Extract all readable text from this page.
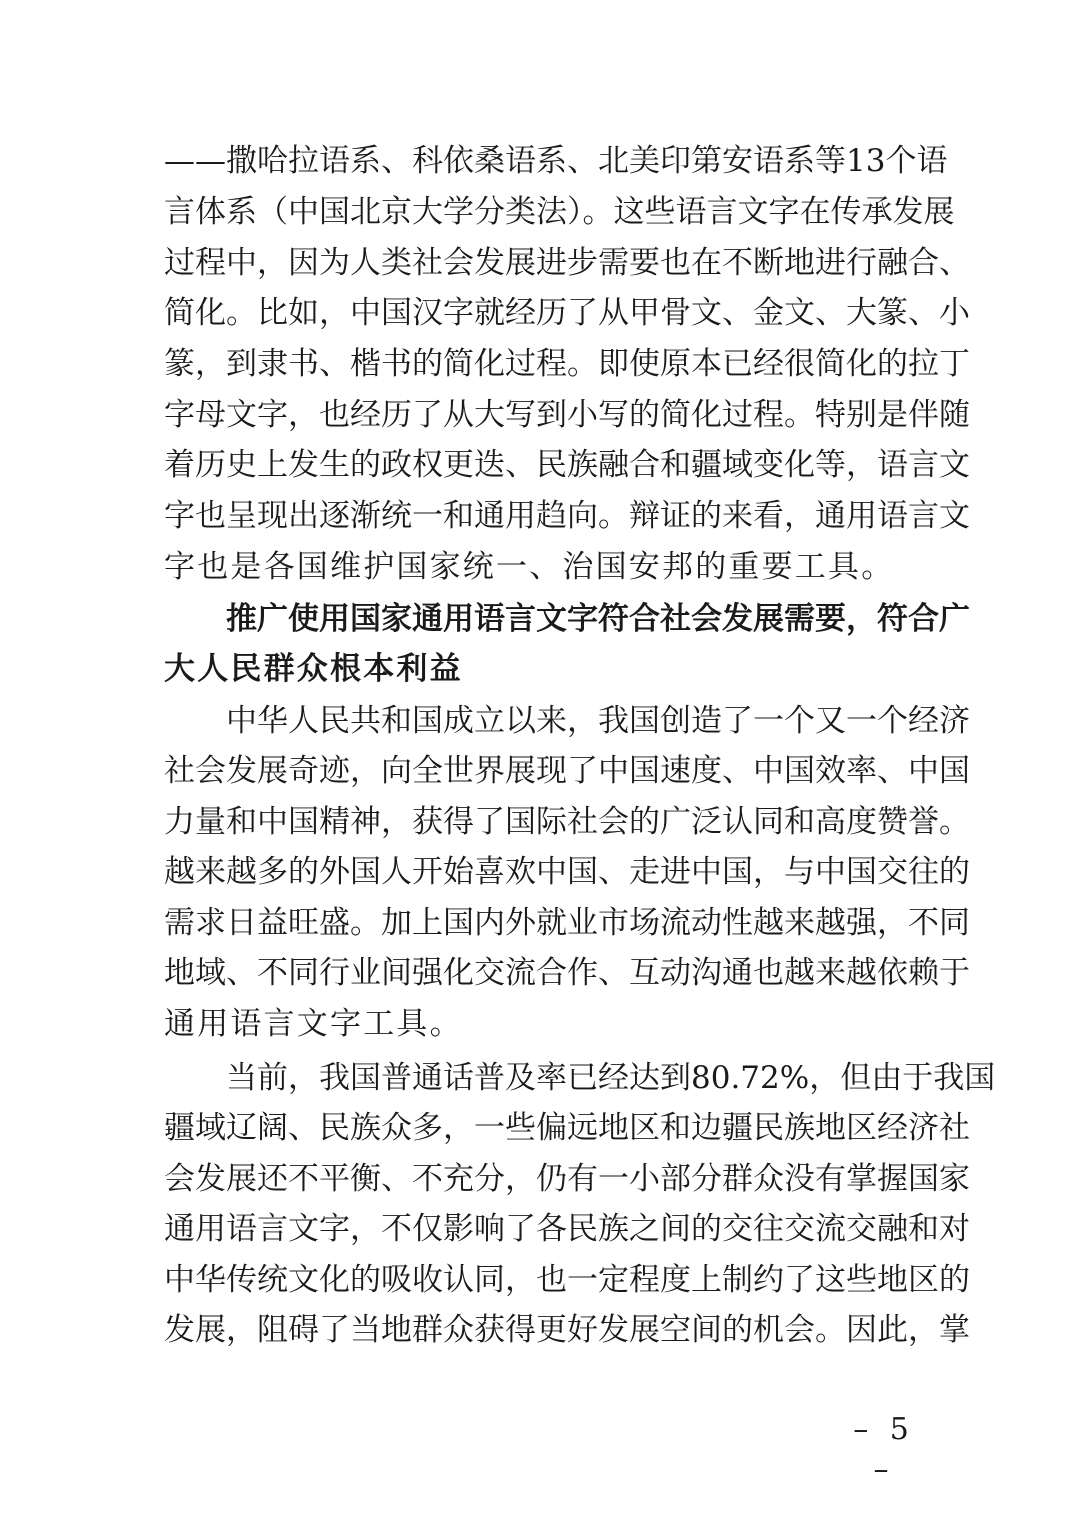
——撒哈拉语系、科依桑语系、北美印第安语系等13个语
言体系（中国北京大学分类法）。这些语言文字在传承发展
过程中，因为人类社会发展进步需要也在不断地进行融合、
简化。比如，中国汉字就经历了从甲骨文、金文、大篆、小
篆，到隶书、楷书的简化过程。即使原本已经很简化的拉丁
字母文字，也经历了从大写到小写的简化过程。特别是伴随
着历史上发生的政权更迭、民族融合和疆域变化等，语言文
字也呈现出逐渐统一和通用趋向。辩证的来看，通用语言文
字也是各国维护国家统一、治国安邦的重要工具。
推广使用国家通用语言文字符合社会发展需要，符合广
大人民群众根本利益
中华人民共和国成立以来，我国创造了一个又一个经济
社会发展奇迹，向全世界展现了中国速度、中国效率、中国
力量和中国精神，获得了国际社会的广泛认同和高度赞誉。
越来越多的外国人开始喜欢中国、走进中国，与中国交往的
需求日益旺盛。加上国内外就业市场流动性越来越强，不同
地域、不同行业间强化交流合作、互动沟通也越来越依赖于
通用语言文字工具。
当前，我国普通话普及率已经达到80.72%，但由于我国
疆域辽阔、民族众多，一些偏远地区和边疆民族地区经济社
会发展还不平衡、不充分，仍有一小部分群众没有掌握国家
通用语言文字，不仅影响了各民族之间的交往交流交融和对
中华传统文化的吸收认同，也一定程度上制约了这些地区的
发展，阻碍了当地群众获得更好发展空间的机会。因此，掌
– 5 –
